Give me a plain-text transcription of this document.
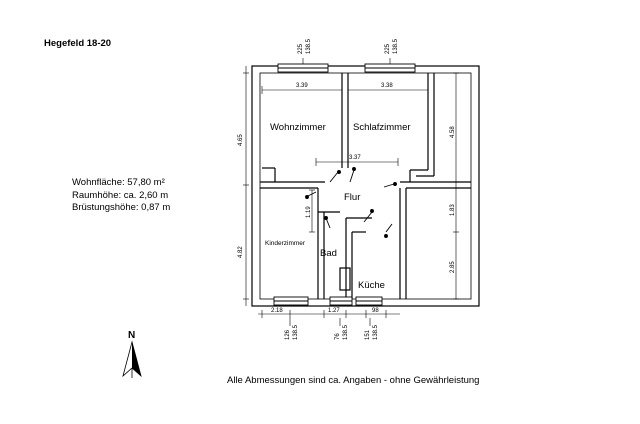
Hegefeld 18-20
Wohnfläche: 57,80 m²
Raumhöhe: ca. 2,60 m
Brüstungshöhe: 0,87 m
Wohnzimmer	Schlafzimmer
Flur
Kinderzimmer
Bad
Küche
3.39	3.38
3.37
4.65
4.82
4.58
1.83
2.85
1.19
225 138.5	225 138.5
2.18	1.27	98
126 138.5	76 138.5	151 138.5
N
Alle Abmessungen sind ca. Angaben - ohne Gewährleistung
